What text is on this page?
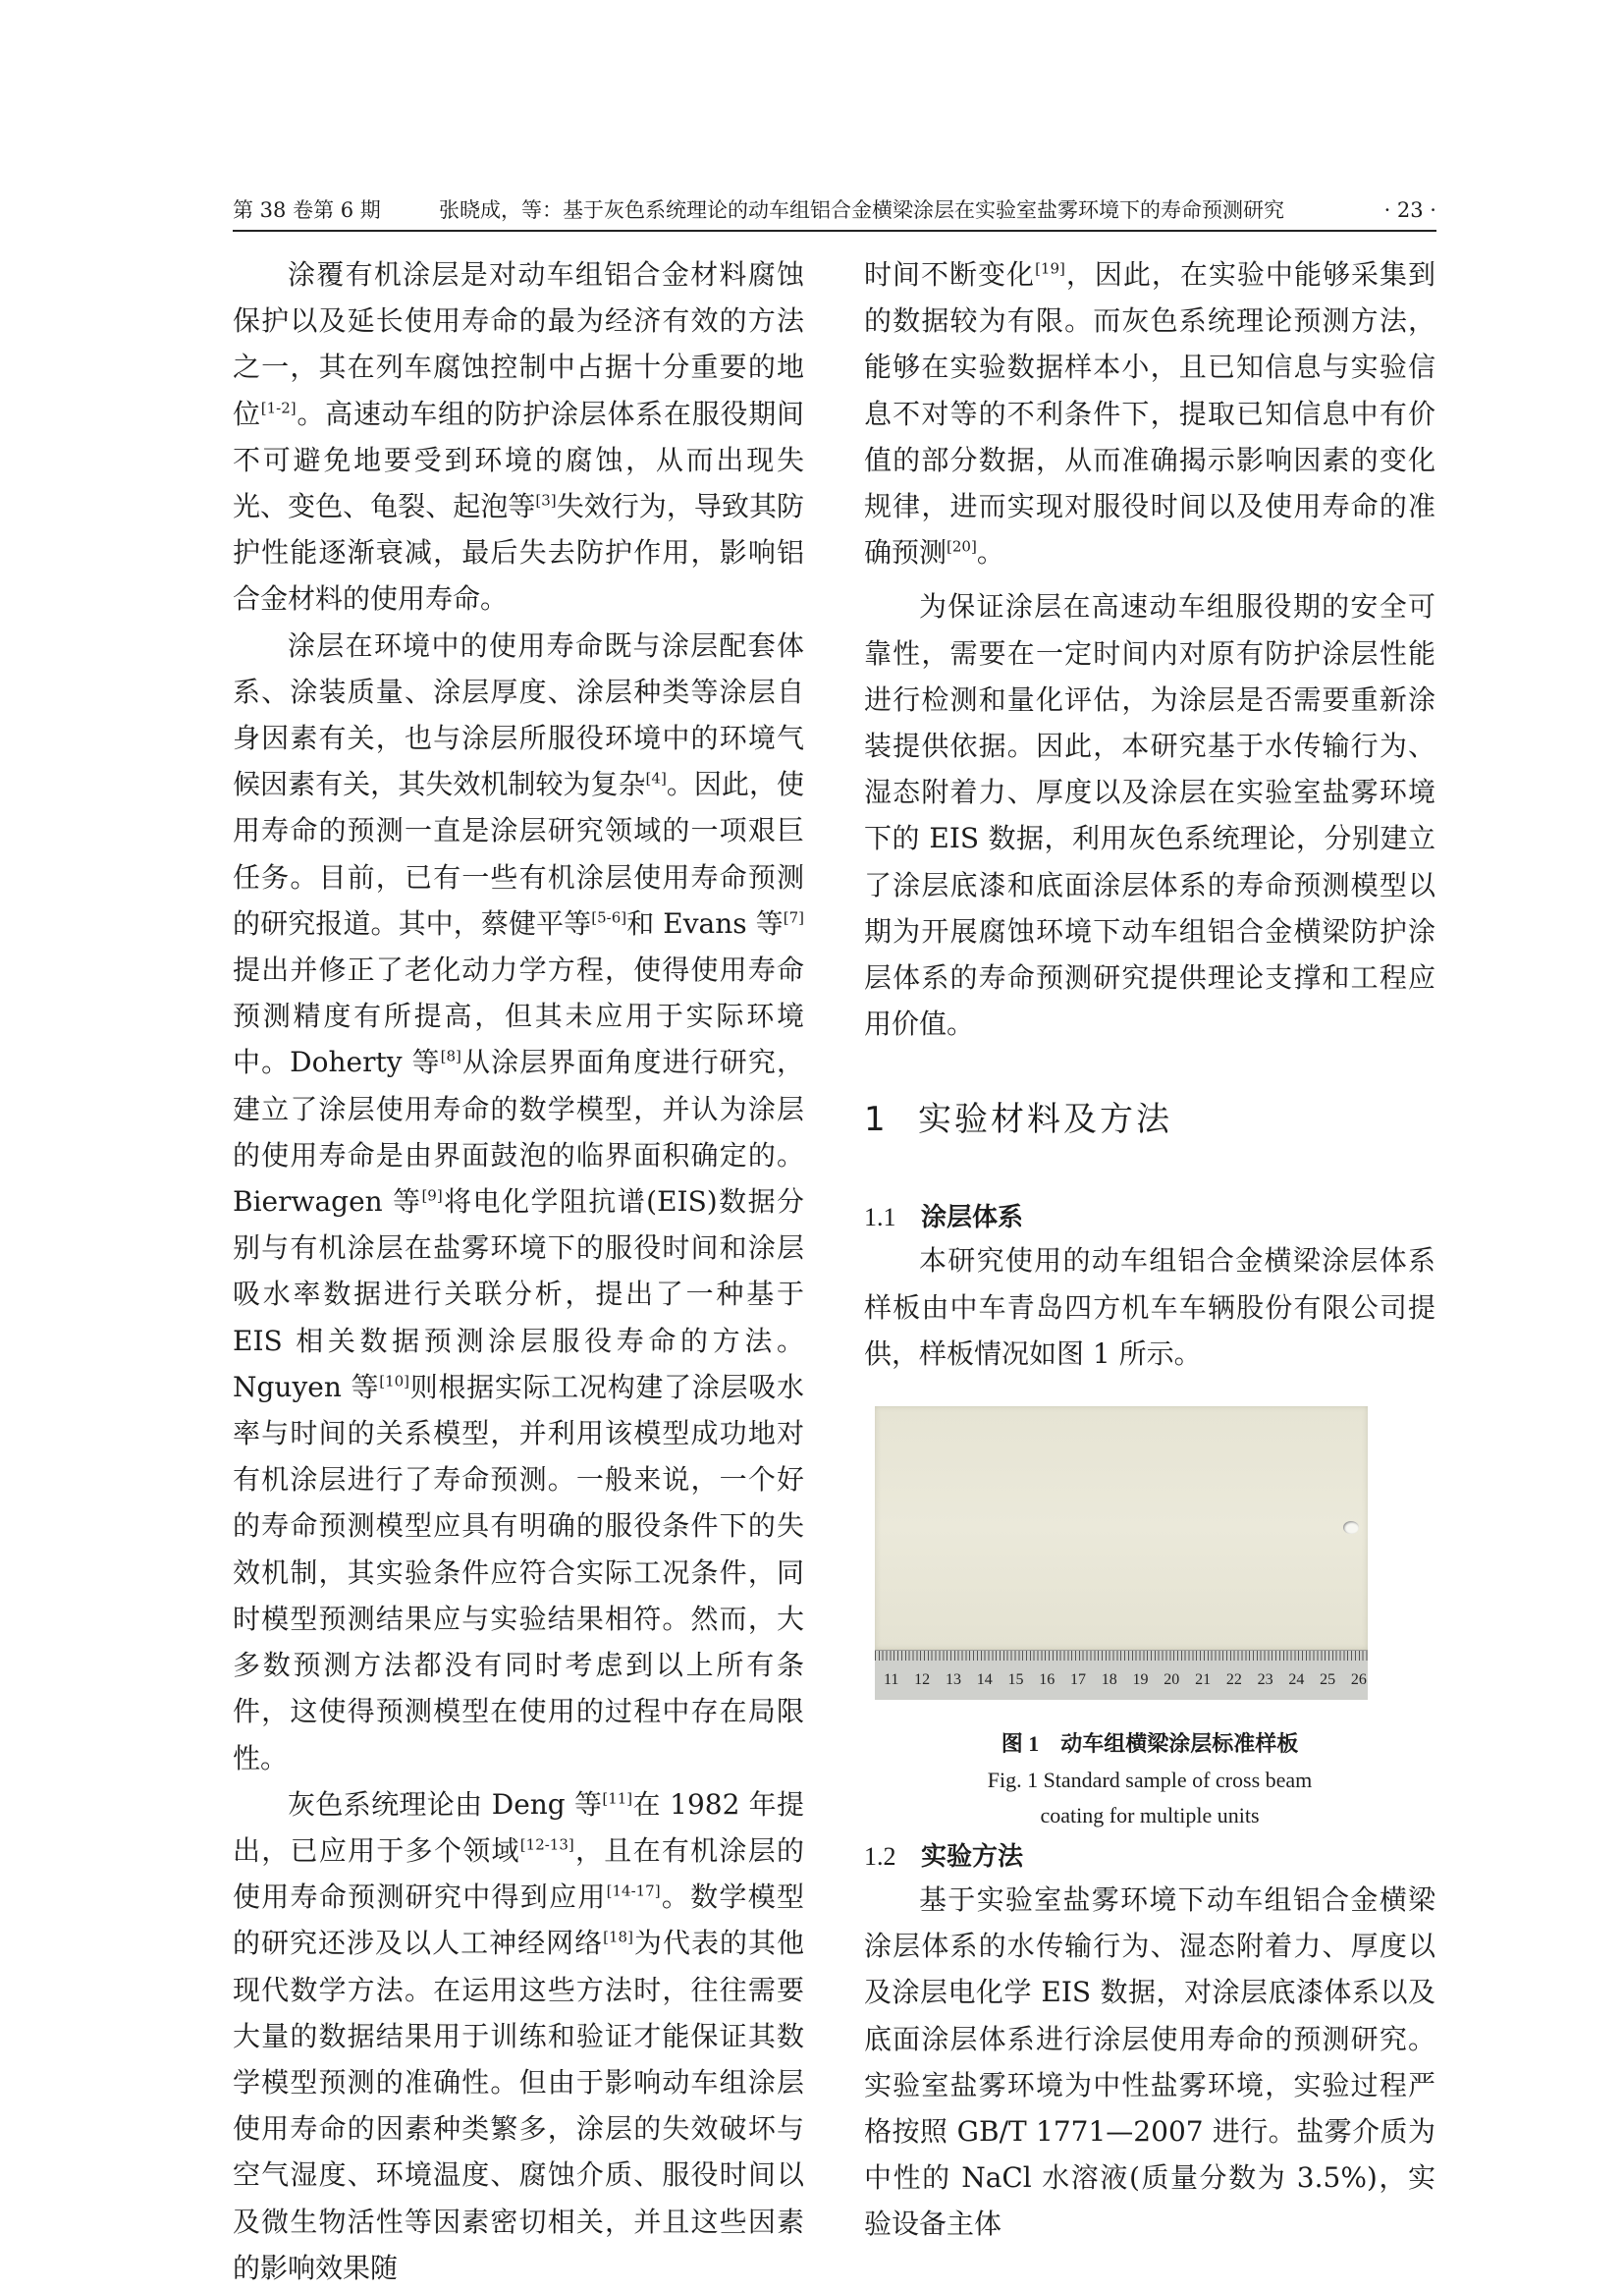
第 38 卷第 6 期	张晓成，等：基于灰色系统理论的动车组铝合金横梁涂层在实验室盐雾环境下的寿命预测研究	· 23 ·

涂覆有机涂层是对动车组铝合金材料腐蚀保护以及延长使用寿命的最为经济有效的方法之一，其在列车腐蚀控制中占据十分重要的地位[1-2]。高速动车组的防护涂层体系在服役期间不可避免地要受到环境的腐蚀，从而出现失光、变色、龟裂、起泡等[3]失效行为，导致其防护性能逐渐衰减，最后失去防护作用，影响铝合金材料的使用寿命。

涂层在环境中的使用寿命既与涂层配套体系、涂装质量、涂层厚度、涂层种类等涂层自身因素有关，也与涂层所服役环境中的环境气候因素有关，其失效机制较为复杂[4]。因此，使用寿命的预测一直是涂层研究领域的一项艰巨任务。目前，已有一些有机涂层使用寿命预测的研究报道。其中，蔡健平等[5-6]和 Evans 等[7]提出并修正了老化动力学方程，使得使用寿命预测精度有所提高，但其未应用于实际环境中。Doherty 等[8]从涂层界面角度进行研究，建立了涂层使用寿命的数学模型，并认为涂层的使用寿命是由界面鼓泡的临界面积确定的。Bierwagen 等[9]将电化学阻抗谱(EIS)数据分别与有机涂层在盐雾环境下的服役时间和涂层吸水率数据进行关联分析，提出了一种基于 EIS 相关数据预测涂层服役寿命的方法。Nguyen 等[10]则根据实际工况构建了涂层吸水率与时间的关系模型，并利用该模型成功地对有机涂层进行了寿命预测。一般来说，一个好的寿命预测模型应具有明确的服役条件下的失效机制，其实验条件应符合实际工况条件，同时模型预测结果应与实验结果相符。然而，大多数预测方法都没有同时考虑到以上所有条件，这使得预测模型在使用的过程中存在局限性。

灰色系统理论由 Deng 等[11]在 1982 年提出，已应用于多个领域[12-13]，且在有机涂层的使用寿命预测研究中得到应用[14-17]。数学模型的研究还涉及以人工神经网络[18]为代表的其他现代数学方法。在运用这些方法时，往往需要大量的数据结果用于训练和验证才能保证其数学模型预测的准确性。但由于影响动车组涂层使用寿命的因素种类繁多，涂层的失效破坏与空气湿度、环境温度、腐蚀介质、服役时间以及微生物活性等因素密切相关，并且这些因素的影响效果随

时间不断变化[19]，因此，在实验中能够采集到的数据较为有限。而灰色系统理论预测方法，能够在实验数据样本小，且已知信息与实验信息不对等的不利条件下，提取已知信息中有价值的部分数据，从而准确揭示影响因素的变化规律，进而实现对服役时间以及使用寿命的准确预测[20]。

为保证涂层在高速动车组服役期的安全可靠性，需要在一定时间内对原有防护涂层性能进行检测和量化评估，为涂层是否需要重新涂装提供依据。因此，本研究基于水传输行为、湿态附着力、厚度以及涂层在实验室盐雾环境下的 EIS 数据，利用灰色系统理论，分别建立了涂层底漆和底面涂层体系的寿命预测模型以期为开展腐蚀环境下动车组铝合金横梁防护涂层体系的寿命预测研究提供理论支撑和工程应用价值。

1 实验材料及方法
1.1 涂层体系

本研究使用的动车组铝合金横梁涂层体系样板由中车青岛四方机车车辆股份有限公司提供，样板情况如图 1 所示。

11 12 13 14 15 16 17 18 19 20 21 22 23 24 25 26
图 1 动车组横梁涂层标准样板
Fig. 1 Standard sample of cross beam
coating for multiple units
1.2 实验方法

基于实验室盐雾环境下动车组铝合金横梁涂层体系的水传输行为、湿态附着力、厚度以及涂层电化学 EIS 数据，对涂层底漆体系以及底面涂层体系进行涂层使用寿命的预测研究。实验室盐雾环境为中性盐雾环境，实验过程严格按照 GB/T 1771—2007 进行。盐雾介质为中性的 NaCl 水溶液(质量分数为 3.5%)，实验设备主体
